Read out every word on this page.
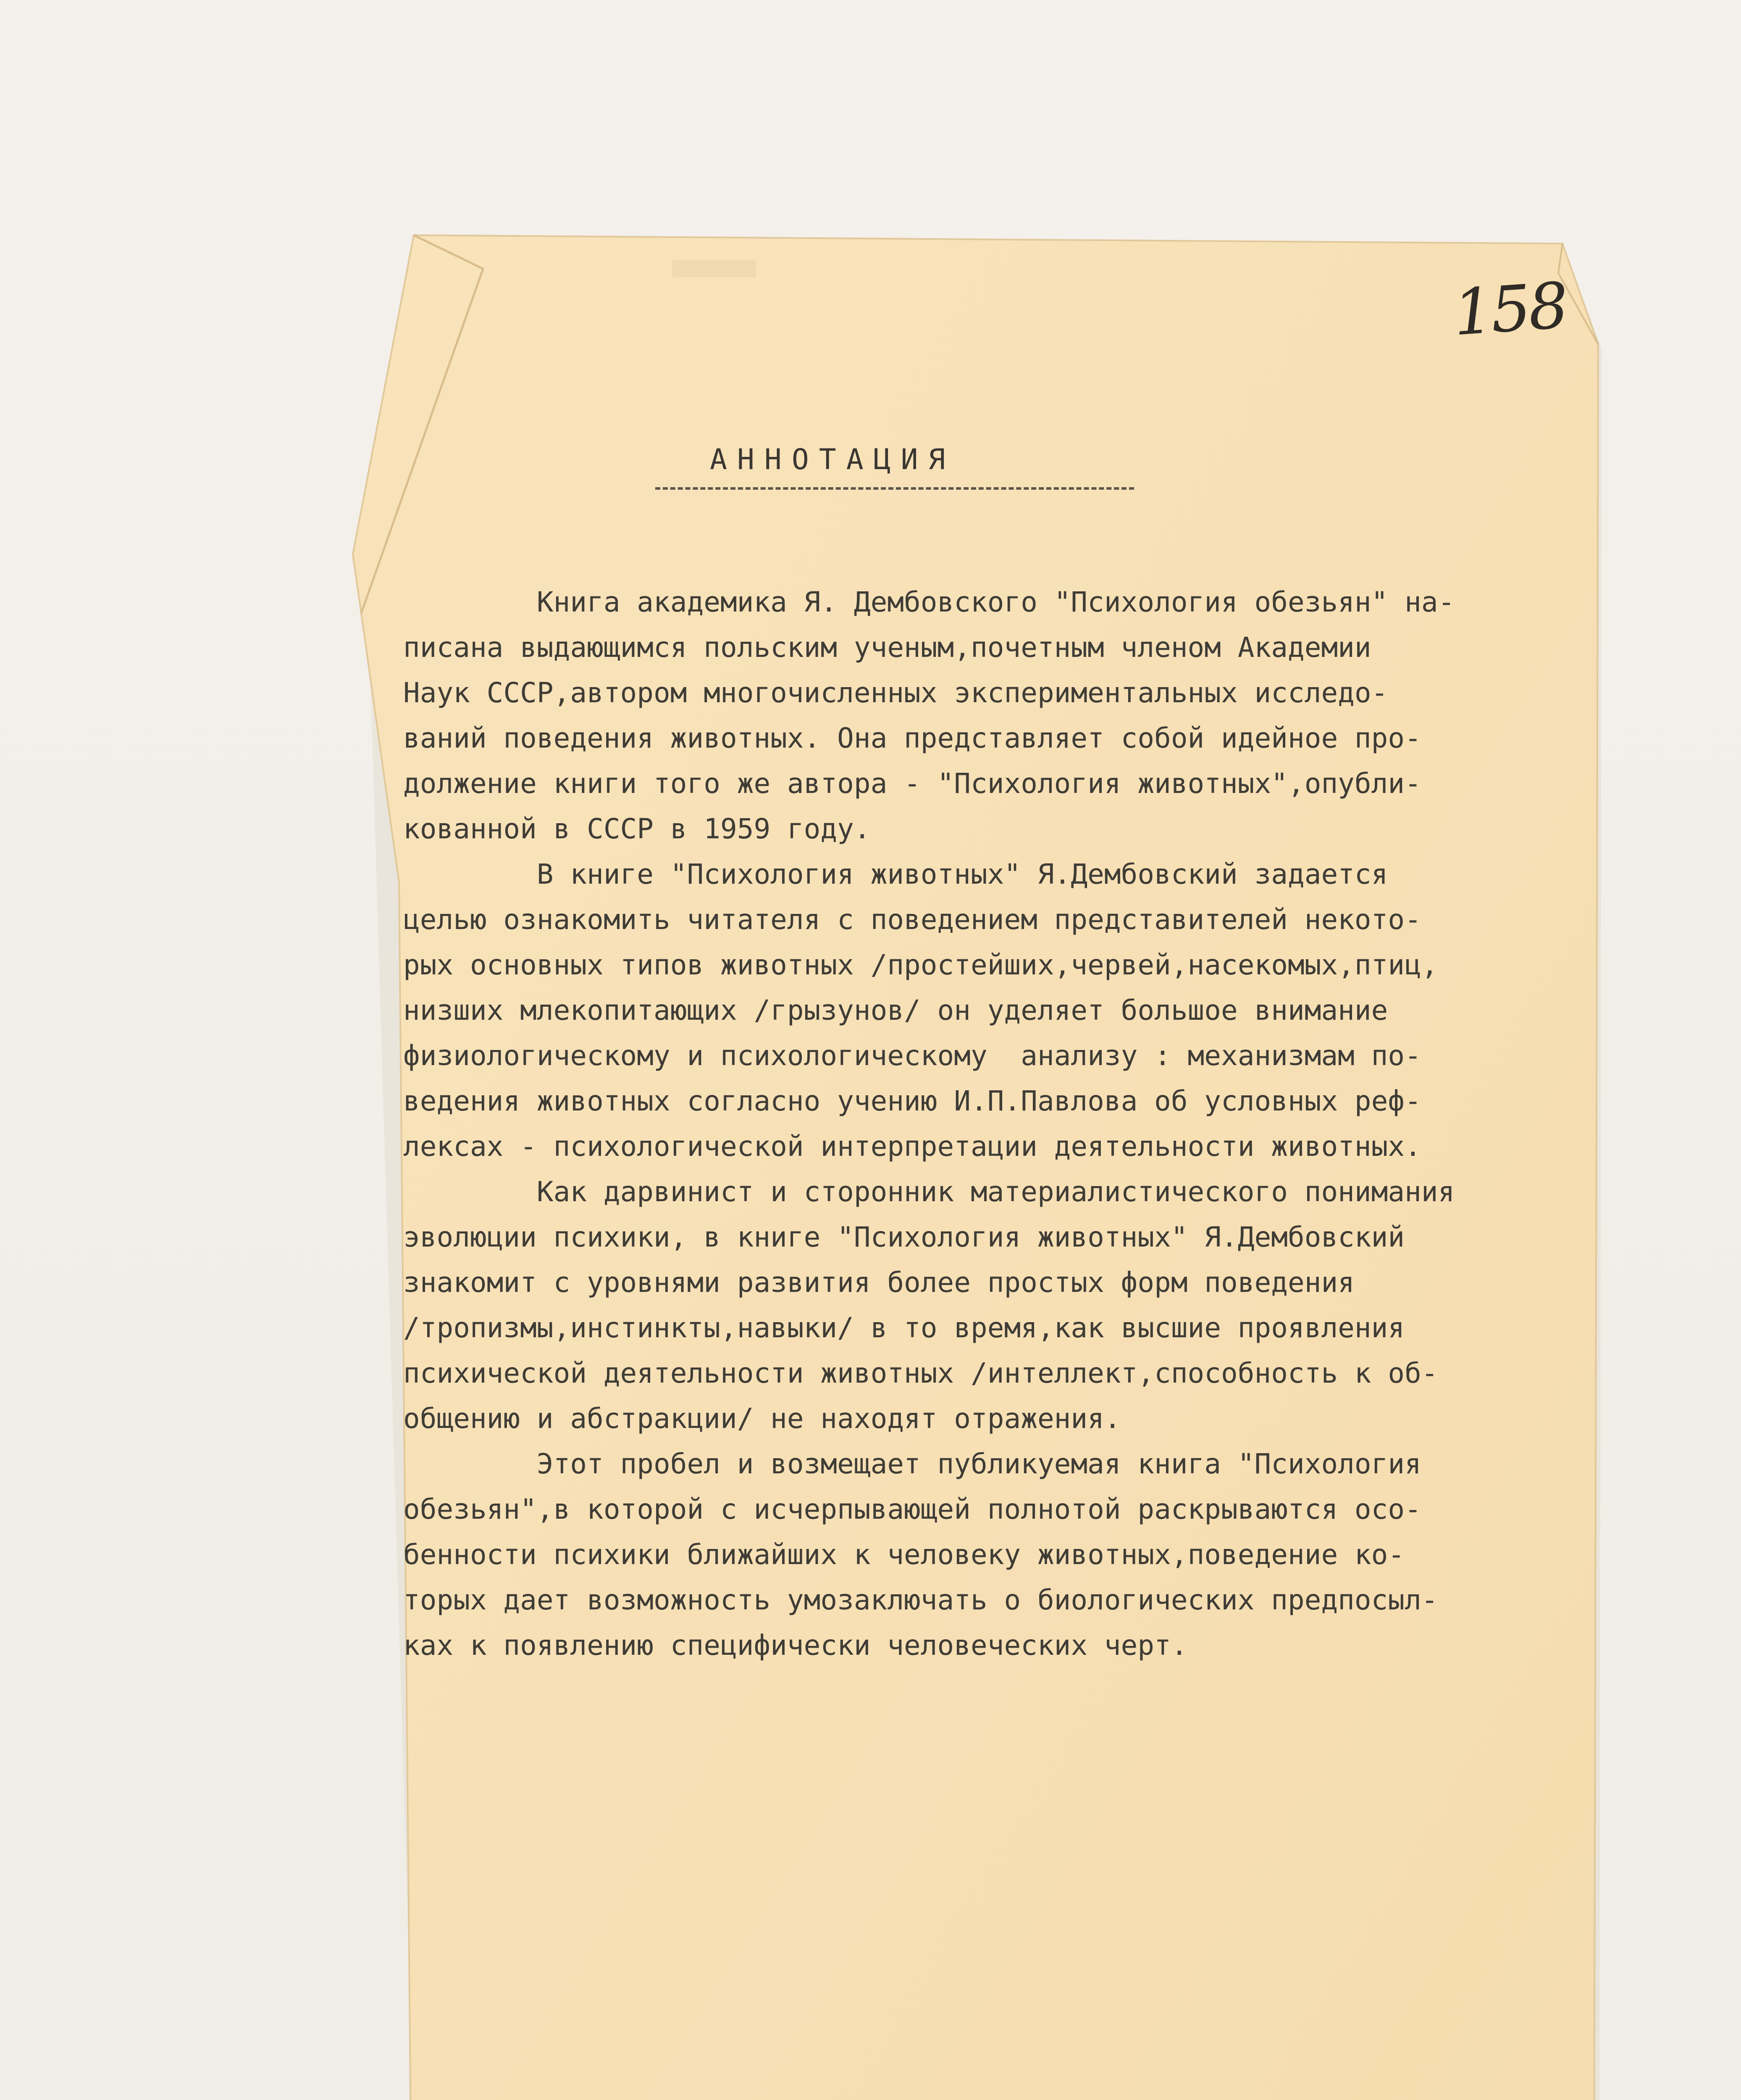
158
АННОТАЦИЯ
Книга академика Я. Дембовского "Психология обезьян" на-
писана выдающимся польским ученым,почетным членом Академии
Наук СССР,автором многочисленных экспериментальных исследо-
ваний поведения животных. Она представляет собой идейное про-
должение книги того же автора - "Психология животных",опубли-
кованной в СССР в 1959 году.
В книге "Психология животных" Я.Дембовский задается
целью ознакомить читателя с поведением представителей некото-
рых основных типов животных /простейших,червей,насекомых,птиц,
низших млекопитающих /грызунов/ он уделяет большое внимание
физиологическому и психологическому  анализу : механизмам по-
ведения животных согласно учению И.П.Павлова об условных реф-
лексах - психологической интерпретации деятельности животных.
Как дарвинист и сторонник материалистического понимания
эволюции психики, в книге "Психология животных" Я.Дембовский
знакомит с уровнями развития более простых форм поведения
/тропизмы,инстинкты,навыки/ в то время,как высшие проявления
психической деятельности животных /интеллект,способность к об-
общению и абстракции/ не находят отражения.
Этот пробел и возмещает публикуемая книга "Психология
обезьян",в которой с исчерпывающей полнотой раскрываются осо-
бенности психики ближайших к человеку животных,поведение ко-
торых дает возможность умозаключать о биологических предпосыл-
ках к появлению специфически человеческих черт.
